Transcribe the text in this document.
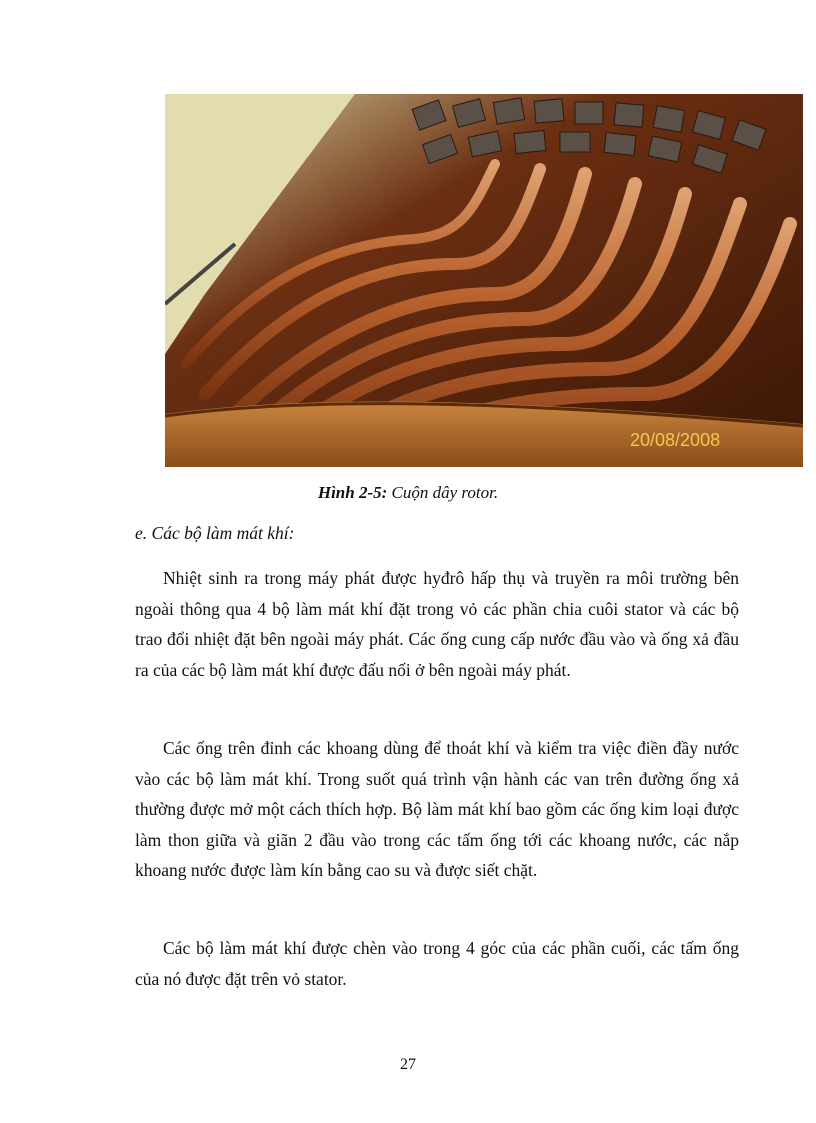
20/08/2008
Hình 2-5: Cuộn dây rotor.
e. Các bộ làm mát khí:

Nhiệt sinh ra trong máy phát được hyđrô hấp thụ và truyền ra môi trường bên ngoài thông qua 4 bộ làm mát khí đặt trong vỏ các phần chia cuôi stator và các bộ trao đổi nhiệt đặt bên ngoài máy phát. Các ống cung cấp nước đầu vào và ống xả đầu ra của các bộ làm mát khí được đấu nối ở bên ngoài máy phát.

Các ống trên đỉnh các khoang dùng để thoát khí và kiểm tra việc điền đầy nước vào các bộ làm mát khí. Trong suốt quá trình vận hành các van trên đường ống xả thường được mở một cách thích hợp. Bộ làm mát khí bao gồm các ống kim loại được làm thon giữa và giãn 2 đầu vào trong các tấm ống tới các khoang nước, các nắp khoang nước được làm kín bằng cao su và được siết chặt.

Các bộ làm mát khí được chèn vào trong 4 góc của các phần cuối, các tấm ống của nó được đặt trên vỏ stator.

27
